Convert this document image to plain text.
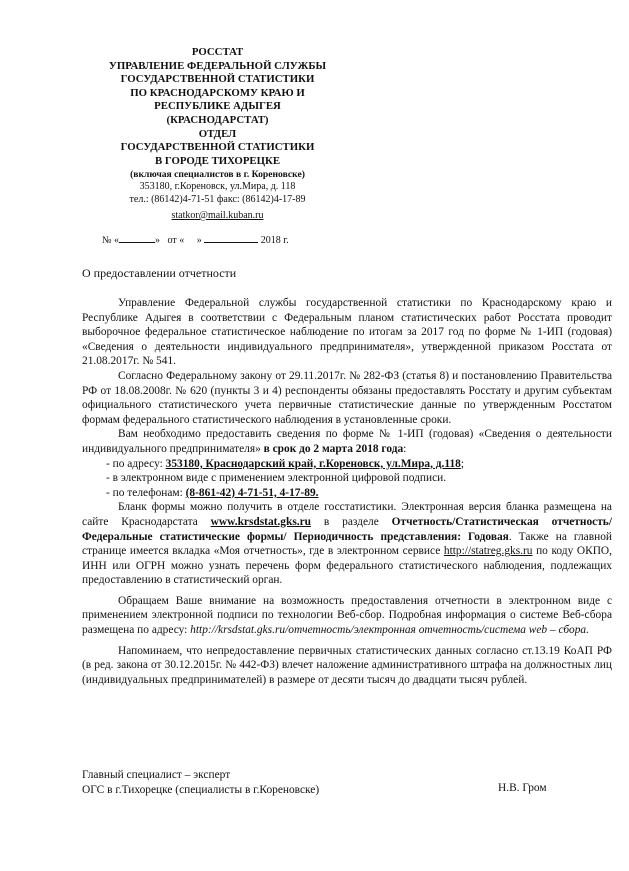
РОССТАТ
УПРАВЛЕНИЕ ФЕДЕРАЛЬНОЙ СЛУЖБЫ
ГОСУДАРСТВЕННОЙ СТАТИСТИКИ
ПО КРАСНОДАРСКОМУ КРАЮ И
РЕСПУБЛИКЕ АДЫГЕЯ
(КРАСНОДАРСТАТ)
ОТДЕЛ
ГОСУДАРСТВЕННОЙ СТАТИСТИКИ
В ГОРОДЕ ТИХОРЕЦКЕ
(включая специалистов в г. Кореновске)
353180, г.Кореновск, ул.Мира, д. 118
тел.: (86142)4-71-51 факс: (86142)4-17-89
statkor@mail.kuban.ru
№ «	» от « »	2018 г.
О предоставлении отчетности

Управление Федеральной службы государственной статистики по Краснодарскому краю и Республике Адыгея в соответствии с Федеральным планом статистических работ Росстата проводит выборочное федеральное статистическое наблюдение по итогам за 2017 год по форме № 1-ИП (годовая) «Сведения о деятельности индивидуального предпринимателя», утвержденной приказом Росстата от 21.08.2017г. № 541.

Согласно Федеральному закону от 29.11.2017г. № 282-ФЗ (статья 8) и постановлению Правительства РФ от 18.08.2008г. № 620 (пункты 3 и 4) респонденты обязаны предоставлять Росстату и другим субъектам официального статистического учета первичные статистические данные по утвержденным Росстатом формам федерального статистического наблюдения в установленные сроки.

Вам необходимо предоставить сведения по форме № 1-ИП (годовая) «Сведения о деятельности индивидуального предпринимателя» в срок до 2 марта 2018 года:

- по адресу: 353180, Краснодарский край, г.Кореновск, ул.Мира, д.118;

- в электронном виде с применением электронной цифровой подписи.

- по телефонам: (8-861-42) 4-71-51, 4-17-89.

Бланк формы можно получить в отделе госстатистики. Электронная версия бланка размещена на сайте Краснодарстата www.krsdstat.gks.ru в разделе Отчетность/Статистическая отчетность/Федеральные статистические формы/ Периодичность представления: Годовая. Также на главной странице имеется вкладка «Моя отчетность», где в электронном сервисе http://statreg.gks.ru по коду ОКПО, ИНН или ОГРН можно узнать перечень форм федерального статистического наблюдения, подлежащих предоставлению в статистический орган.

Обращаем Ваше внимание на возможность предоставления отчетности в электронном виде с применением электронной подписи по технологии Веб-сбор. Подробная информация о системе Веб-сбора размещена по адресу: http://krsdstat.gks.ru/отчетность/электронная отчетность/система web – сбора.

Напоминаем, что непредоставление первичных статистических данных согласно ст.13.19 КоАП РФ (в ред. закона от 30.12.2015г. № 442-ФЗ) влечет наложение административного штрафа на должностных лиц (индивидуальных предпринимателей) в размере от десяти тысяч до двадцати тысяч рублей.

Главный специалист – эксперт
ОГС в г.Тихорецке (специалисты в г.Кореновске)	Н.В. Гром
